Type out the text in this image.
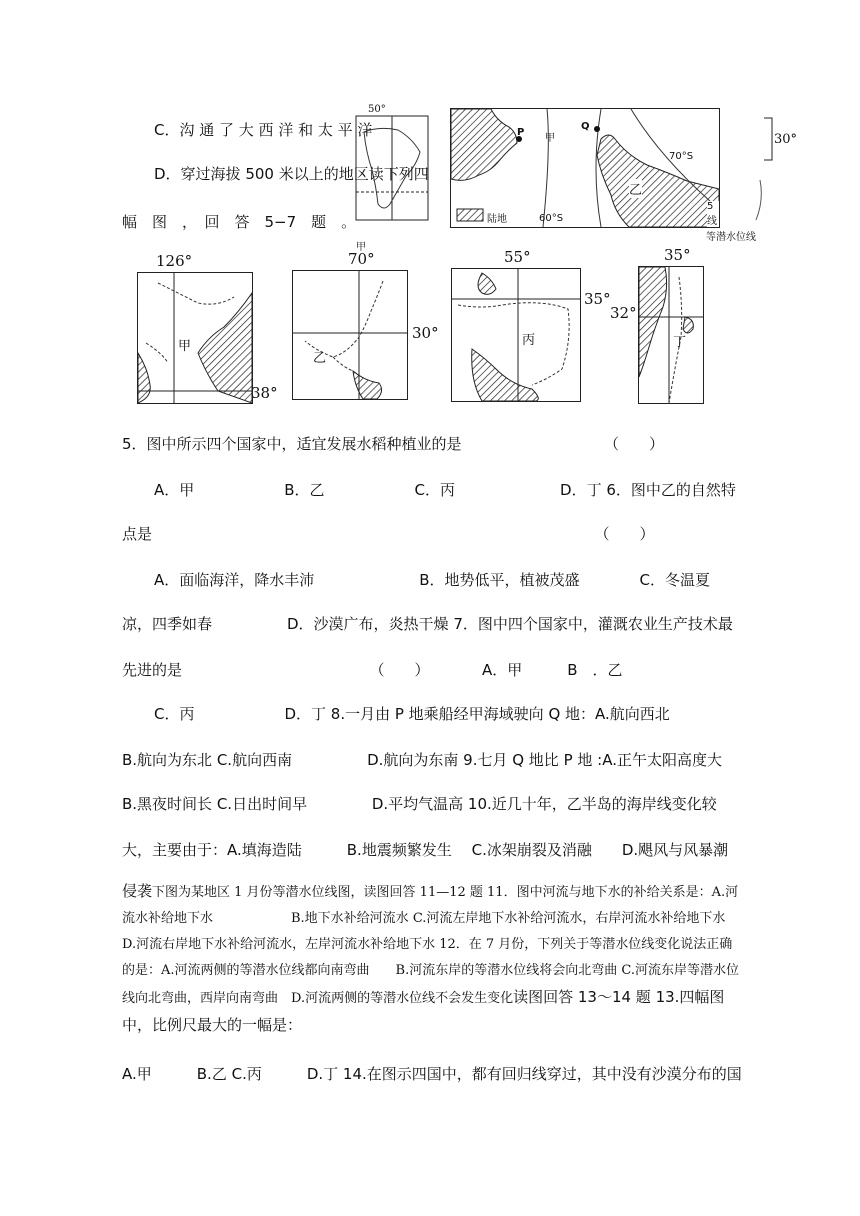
50°
甲
P
Q
甲
乙
70°S
60°S
陆地
5线
30°
等潜水位线
C．沟 通 了 大 西 洋 和 太 平 洋
D．穿过海拔 500 米以上的地区读下列四
幅　图　，　回　答　5−7　题　。
126°
甲
38°
70°
乙
30°
55°
丙
35°
35°
丁
32°
5．图中所示四个国家中，适宜发展水稻种植业的是　　　　　　　　　　（　　）
A．甲　　　　　　B．乙　　　　　　C．丙　　　　　　　D．丁 6．图中乙的自然特
点是　　　　　　　　　　　　　　　　　　　　　　　　　　　　　　（　　）
A．面临海洋，降水丰沛　　　　　　　B．地势低平，植被茂盛　　　　C．冬温夏
凉，四季如春　　　　　D．沙漠广布，炎热干燥 7．图中四个国家中，灌溉农业生产技术最
先进的是　　　　　　　　　　　　　（　　）　　　　A．甲　　　B　．乙
C．丙　　　　　　D．丁 8.一月由 P 地乘船经甲海域驶向 Q 地：A.航向西北
B.航向为东北 C.航向西南　　　　　D.航向为东南 9.七月 Q 地比 P 地 :A.正午太阳高度大
B.黑夜时间长 C.日出时间早　　　　 D.平均气温高 10.近几十年，乙半岛的海岸线变化较
大，主要由于：A.填海造陆　　　B.地震频繁发生　 C.冰架崩裂及消融　　D.飓风与风暴潮
侵袭下图为某地区 1 月份等潜水位线图，读图回答 11—12 题 11．图中河流与地下水的补给关系是：A.河流水补给地下水　　　　　　B.地下水补给河流水 C.河流左岸地下水补给河流水，右岸河流水补给地下水 D.河流右岸地下水补给河流水，左岸河流水补给地下水 12．在 7 月份，下列关于等潜水位线变化说法正确的是：A.河流两侧的等潜水位线都向南弯曲　　B.河流东岸的等潜水位线将会向北弯曲 C.河流东岸等潜水位线向北弯曲，西岸向南弯曲　D.河流两侧的等潜水位线不会发生变化读图回答 13～14 题 13.四幅图中，比例尺最大的一幅是：
A.甲　　　B.乙 C.丙　　　D.丁 14.在图示四国中，都有回归线穿过，其中没有沙漠分布的国
